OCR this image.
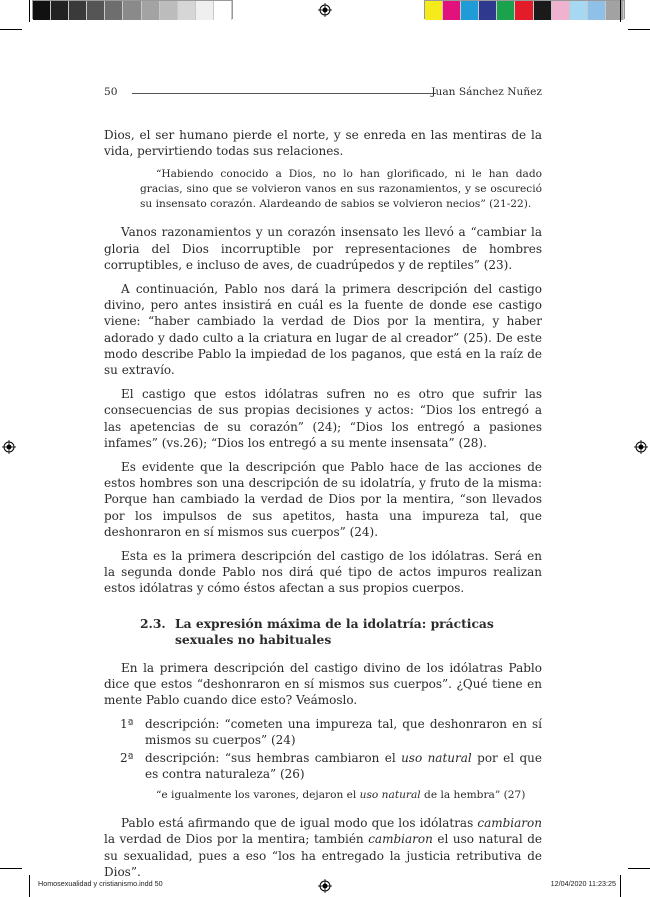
50	Juan Sánchez Nuñez

Dios, el ser humano pierde el norte, y se enreda en las mentiras de la vida, pervirtiendo todas sus relaciones.

“Habiendo conocido a Dios, no lo han glorificado, ni le han dado gracias, sino que se volvieron vanos en sus razonamientos, y se oscureció su insensato corazón. Alardeando de sabios se volvieron necios” (21-22).

Vanos razonamientos y un corazón insensato les llevó a “cambiar la gloria del Dios incorruptible por representaciones de hombres corruptibles, e incluso de aves, de cuadrúpedos y de reptiles” (23).

A continuación, Pablo nos dará la primera descripción del castigo divino, pero antes insistirá en cuál es la fuente de donde ese castigo viene: “haber cambiado la verdad de Dios por la mentira, y haber adorado y dado culto a la criatura en lugar de al creador” (25). De este modo describe Pablo la impiedad de los paganos, que está en la raíz de su extravío.

El castigo que estos idólatras sufren no es otro que sufrir las consecuencias de sus propias decisiones y actos: “Dios los entregó a las apetencias de su corazón” (24); “Dios los entregó a pasiones infames” (vs.26); “Dios los entregó a su mente insensata” (28).

Es evidente que la descripción que Pablo hace de las acciones de estos hombres son una descripción de su idolatría, y fruto de la misma: Porque han cambiado la verdad de Dios por la mentira, “son llevados por los impulsos de sus apetitos, hasta una impureza tal, que deshonraron en sí mismos sus cuerpos” (24).

Esta es la primera descripción del castigo de los idólatras. Será en la segunda donde Pablo nos dirá qué tipo de actos impuros realizan estos idólatras y cómo éstos afectan a sus propios cuerpos.

2.3. La expresión máxima de la idolatría: prácticas sexuales no habituales

En la primera descripción del castigo divino de los idólatras Pablo dice que estos “deshonraron en sí mismos sus cuerpos”. ¿Qué tiene en mente Pablo cuando dice esto? Veámoslo.

1ª descripción: “cometen una impureza tal, que deshonraron en sí mismos su cuerpos” (24)
2ª descripción: “sus hembras cambiaron el uso natural por el que es contra naturaleza” (26)
“e igualmente los varones, dejaron el uso natural de la hembra” (27)

Pablo está afirmando que de igual modo que los idólatras cambiaron la verdad de Dios por la mentira; también cambiaron el uso natural de su sexualidad, pues a eso “los ha entregado la justicia retributiva de Dios”.

Homosexualidad y cristianismo.indd 50	12/04/2020 11:23:25
